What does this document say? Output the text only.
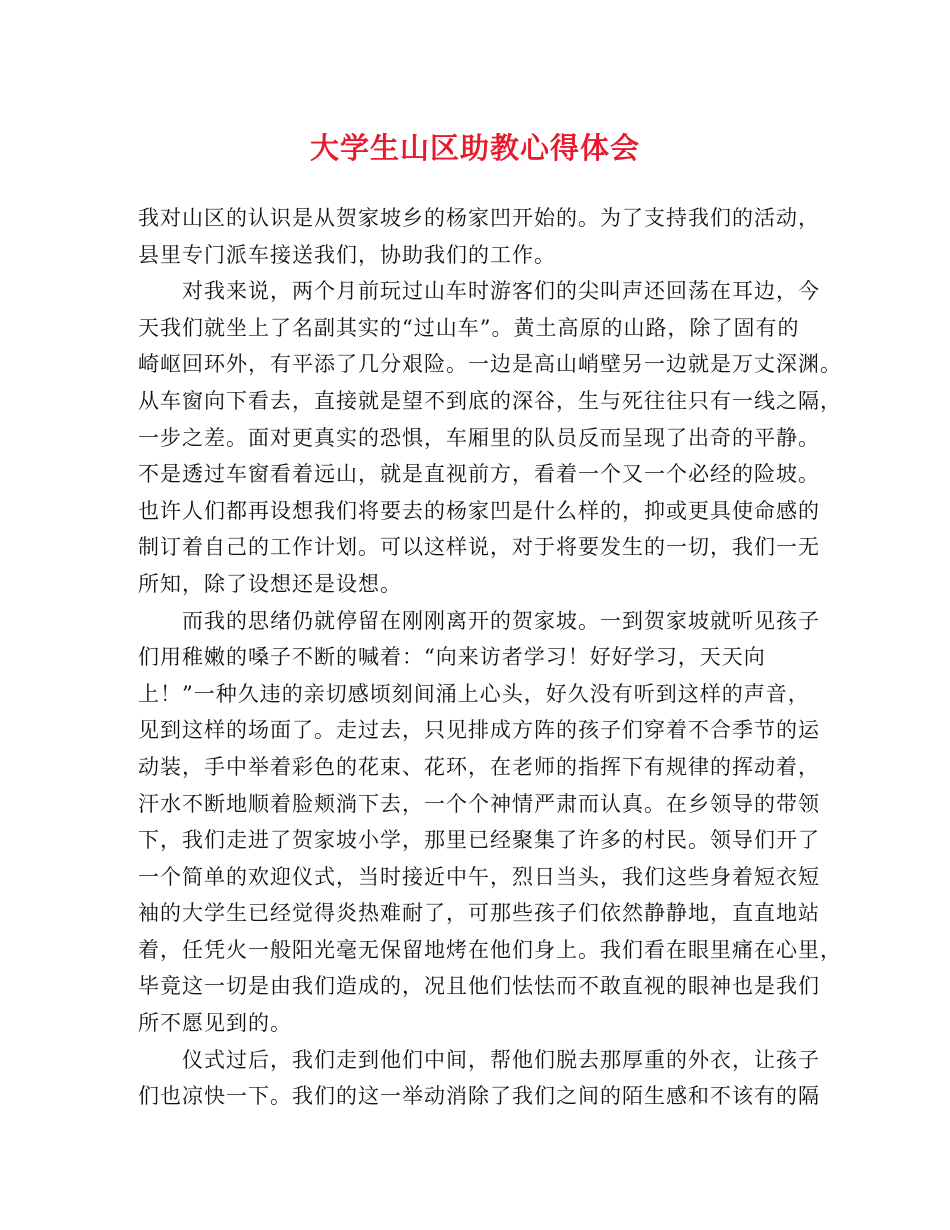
大学生山区助教心得体会
我对山区的认识是从贺家坡乡的杨家凹开始的。为了支持我们的活动，
县里专门派车接送我们，协助我们的工作。
对我来说，两个月前玩过山车时游客们的尖叫声还回荡在耳边，今
天我们就坐上了名副其实的“过山车”。黄土高原的山路，除了固有的
崎岖回环外，有平添了几分艰险。一边是高山峭壁另一边就是万丈深渊。
从车窗向下看去，直接就是望不到底的深谷，生与死往往只有一线之隔，
一步之差。面对更真实的恐惧，车厢里的队员反而呈现了出奇的平静。
不是透过车窗看着远山，就是直视前方，看着一个又一个必经的险坡。
也许人们都再设想我们将要去的杨家凹是什么样的，抑或更具使命感的
制订着自己的工作计划。可以这样说，对于将要发生的一切，我们一无
所知，除了设想还是设想。
而我的思绪仍就停留在刚刚离开的贺家坡。一到贺家坡就听见孩子
们用稚嫩的嗓子不断的喊着：“向来访者学习！好好学习，天天向
上！”一种久违的亲切感顷刻间涌上心头，好久没有听到这样的声音，
见到这样的场面了。走过去，只见排成方阵的孩子们穿着不合季节的运
动装，手中举着彩色的花束、花环，在老师的指挥下有规律的挥动着，
汗水不断地顺着脸颊淌下去，一个个神情严肃而认真。在乡领导的带领
下，我们走进了贺家坡小学，那里已经聚集了许多的村民。领导们开了
一个简单的欢迎仪式，当时接近中午，烈日当头，我们这些身着短衣短
袖的大学生已经觉得炎热难耐了，可那些孩子们依然静静地，直直地站
着，任凭火一般阳光毫无保留地烤在他们身上。我们看在眼里痛在心里，
毕竟这一切是由我们造成的，况且他们怯怯而不敢直视的眼神也是我们
所不愿见到的。
仪式过后，我们走到他们中间，帮他们脱去那厚重的外衣，让孩子
们也凉快一下。我们的这一举动消除了我们之间的陌生感和不该有的隔
